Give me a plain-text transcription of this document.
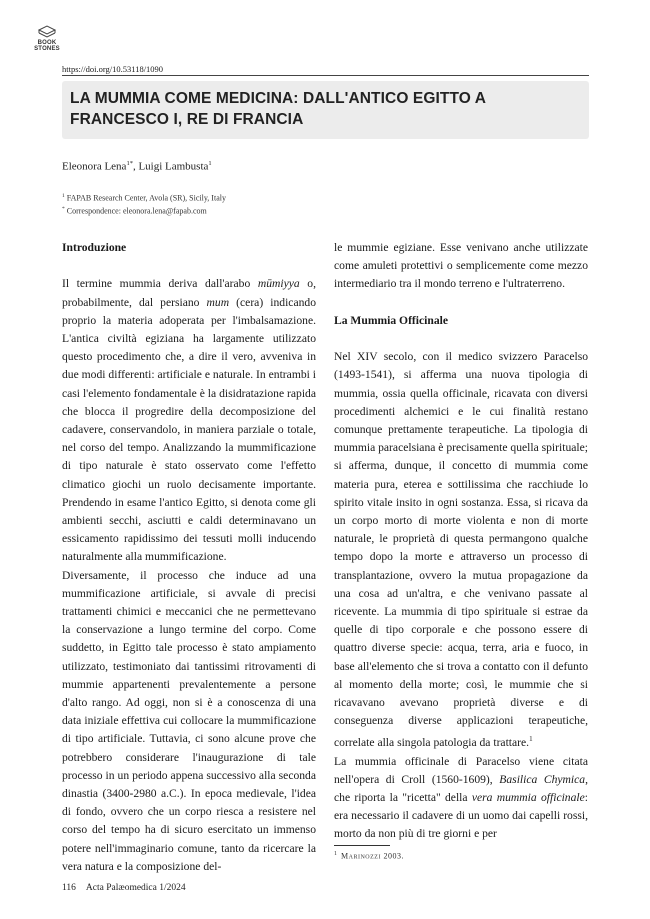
BOOK
STONES
https://doi.org/10.53118/1090
LA MUMMIA COME MEDICINA: DALL'ANTICO EGITTO A FRANCESCO I, RE DI FRANCIA
Eleonora Lena$^{1*}$, Luigi Lambusta$^1$
$^1$ FAPAB Research Center, Avola (SR), Sicily, Italy
* Correspondence: eleonora.lena@fapab.com
Introduzione

Il termine mummia deriva dall'arabo mūmiyya o, probabilmente, dal persiano mum (cera) indicando proprio la materia adoperata per l'imbalsamazione. L'antica civiltà egiziana ha largamente utilizzato questo procedimento che, a dire il vero, avveniva in due modi differenti: artificiale e naturale. In entrambi i casi l'elemento fondamentale è la disidratazione rapida che blocca il progredire della decomposizione del cadavere, conservandolo, in maniera parziale o totale, nel corso del tempo. Analizzando la mummificazione di tipo naturale è stato osservato come l'effetto climatico giochi un ruolo decisamente importante. Prendendo in esame l'antico Egitto, si denota come gli ambienti secchi, asciutti e caldi determinavano un essicamento rapidissimo dei tessuti molli inducendo naturalmente alla mummificazione.

Diversamente, il processo che induce ad una mummificazione artificiale, si avvale di precisi trattamenti chimici e meccanici che ne permettevano la conservazione a lungo termine del corpo. Come suddetto, in Egitto tale processo è stato ampiamento utilizzato, testimoniato dai tantissimi ritrovamenti di mummie appartenenti prevalentemente a persone d'alto rango. Ad oggi, non si è a conoscenza di una data iniziale effettiva cui collocare la mummificazione di tipo artificiale. Tuttavia, ci sono alcune prove che potrebbero considerare l'inaugurazione di tale processo in un periodo appena successivo alla seconda dinastia (3400-2980 a.C.). In epoca medievale, l'idea di fondo, ovvero che un corpo riesca a resistere nel corso del tempo ha di sicuro esercitato un immenso potere nell'immaginario comune, tanto da ricercare la vera natura e la composizione del-

le mummie egiziane. Esse venivano anche utilizzate come amuleti protettivi o semplicemente come mezzo intermediario tra il mondo terreno e l'ultraterreno.

La Mummia Officinale

Nel XIV secolo, con il medico svizzero Paracelso (1493-1541), si afferma una nuova tipologia di mummia, ossia quella officinale, ricavata con diversi procedimenti alchemici e le cui finalità restano comunque prettamente terapeutiche. La tipologia di mummia paracelsiana è precisamente quella spirituale; si afferma, dunque, il concetto di mummia come materia pura, eterea e sottilissima che racchiude lo spirito vitale insito in ogni sostanza. Essa, si ricava da un corpo morto di morte violenta e non di morte naturale, le proprietà di questa permangono qualche tempo dopo la morte e attraverso un processo di transplantazione, ovvero la mutua propagazione da una cosa ad un'altra, e che venivano passate al ricevente. La mummia di tipo spirituale si estrae da quelle di tipo corporale e che possono essere di quattro diverse specie: acqua, terra, aria e fuoco, in base all'elemento che si trova a contatto con il defunto al momento della morte; così, le mummie che si ricavavano avevano proprietà diverse e di conseguenza diverse applicazioni terapeutiche, correlate alla singola patologia da trattare.$^1$

La mummia officinale di Paracelso viene citata nell'opera di Croll (1560-1609), Basilica Chymica, che riporta la "ricetta" della vera mummia officinale: era necessario il cadavere di un uomo dai capelli rossi, morto da non più di tre giorni e per

$^1$ Marinozzi 2003.
116 Acta Palæomedica 1/2024
